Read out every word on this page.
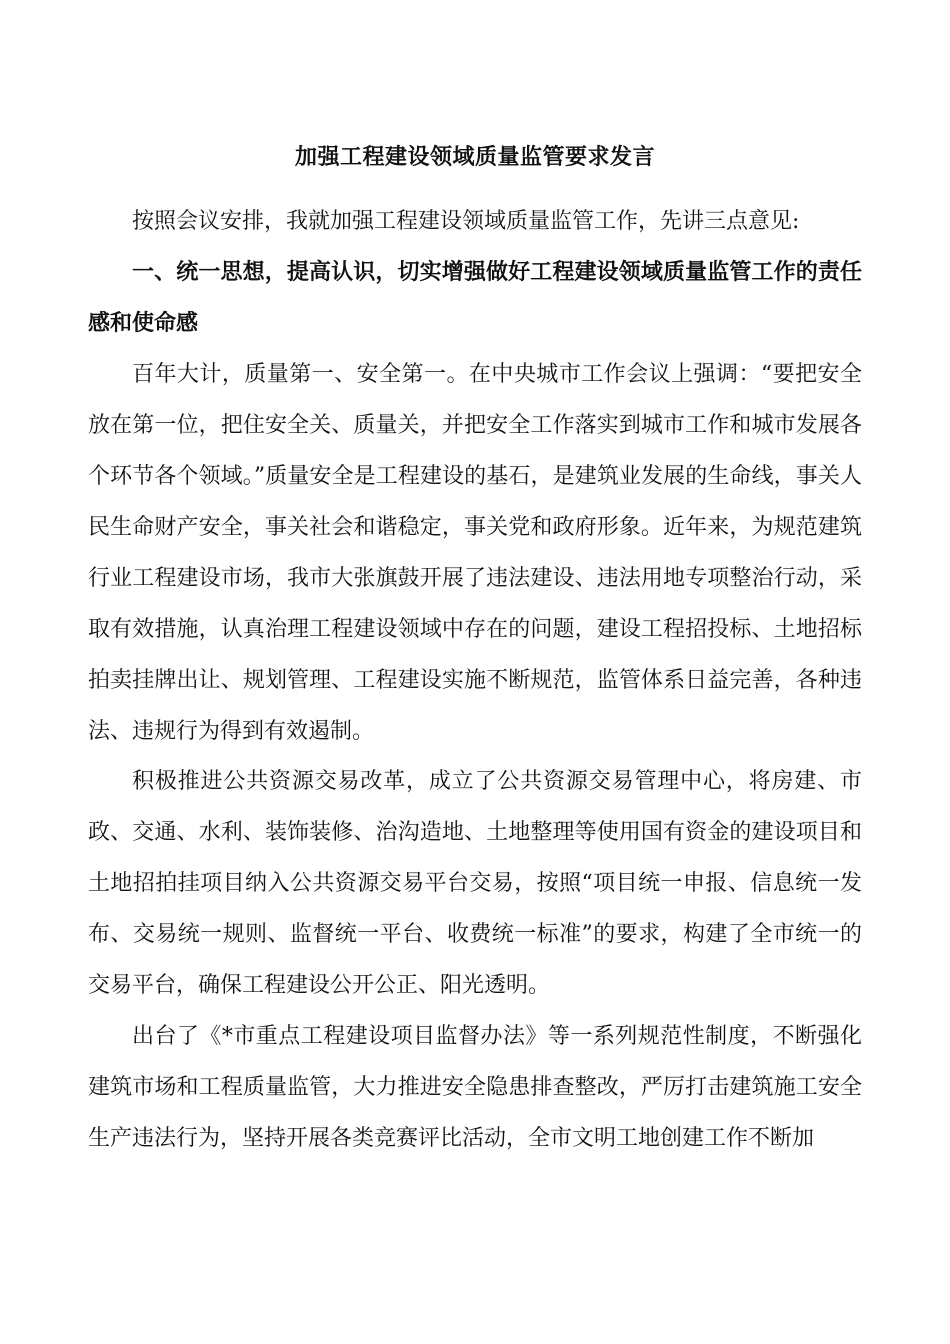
加强工程建设领域质量监管要求发言

按照会议安排，我就加强工程建设领域质量监管工作，先讲三点意见:

一、统一思想，提高认识，切实增强做好工程建设领域质量监管工作的责任感和使命感

百年大计，质量第一、安全第一。在中央城市工作会议上强调：“要把安全放在第一位，把住安全关、质量关，并把安全工作落实到城市工作和城市发展各个环节各个领域。”质量安全是工程建设的基石，是建筑业发展的生命线，事关人民生命财产安全，事关社会和谐稳定，事关党和政府形象。近年来，为规范建筑行业工程建设市场，我市大张旗鼓开展了违法建设、违法用地专项整治行动，采取有效措施，认真治理工程建设领域中存在的问题，建设工程招投标、土地招标拍卖挂牌出让、规划管理、工程建设实施不断规范，监管体系日益完善，各种违法、违规行为得到有效遏制。

积极推进公共资源交易改革，成立了公共资源交易管理中心，将房建、市政、交通、水利、装饰装修、治沟造地、土地整理等使用国有资金的建设项目和土地招拍挂项目纳入公共资源交易平台交易，按照“项目统一申报、信息统一发布、交易统一规则、监督统一平台、收费统一标准”的要求，构建了全市统一的交易平台，确保工程建设公开公正、阳光透明。

出台了《*市重点工程建设项目监督办法》等一系列规范性制度，不断强化建筑市场和工程质量监管，大力推进安全隐患排查整改，严厉打击建筑施工安全生产违法行为，坚持开展各类竞赛评比活动，全市文明工地创建工作不断加
